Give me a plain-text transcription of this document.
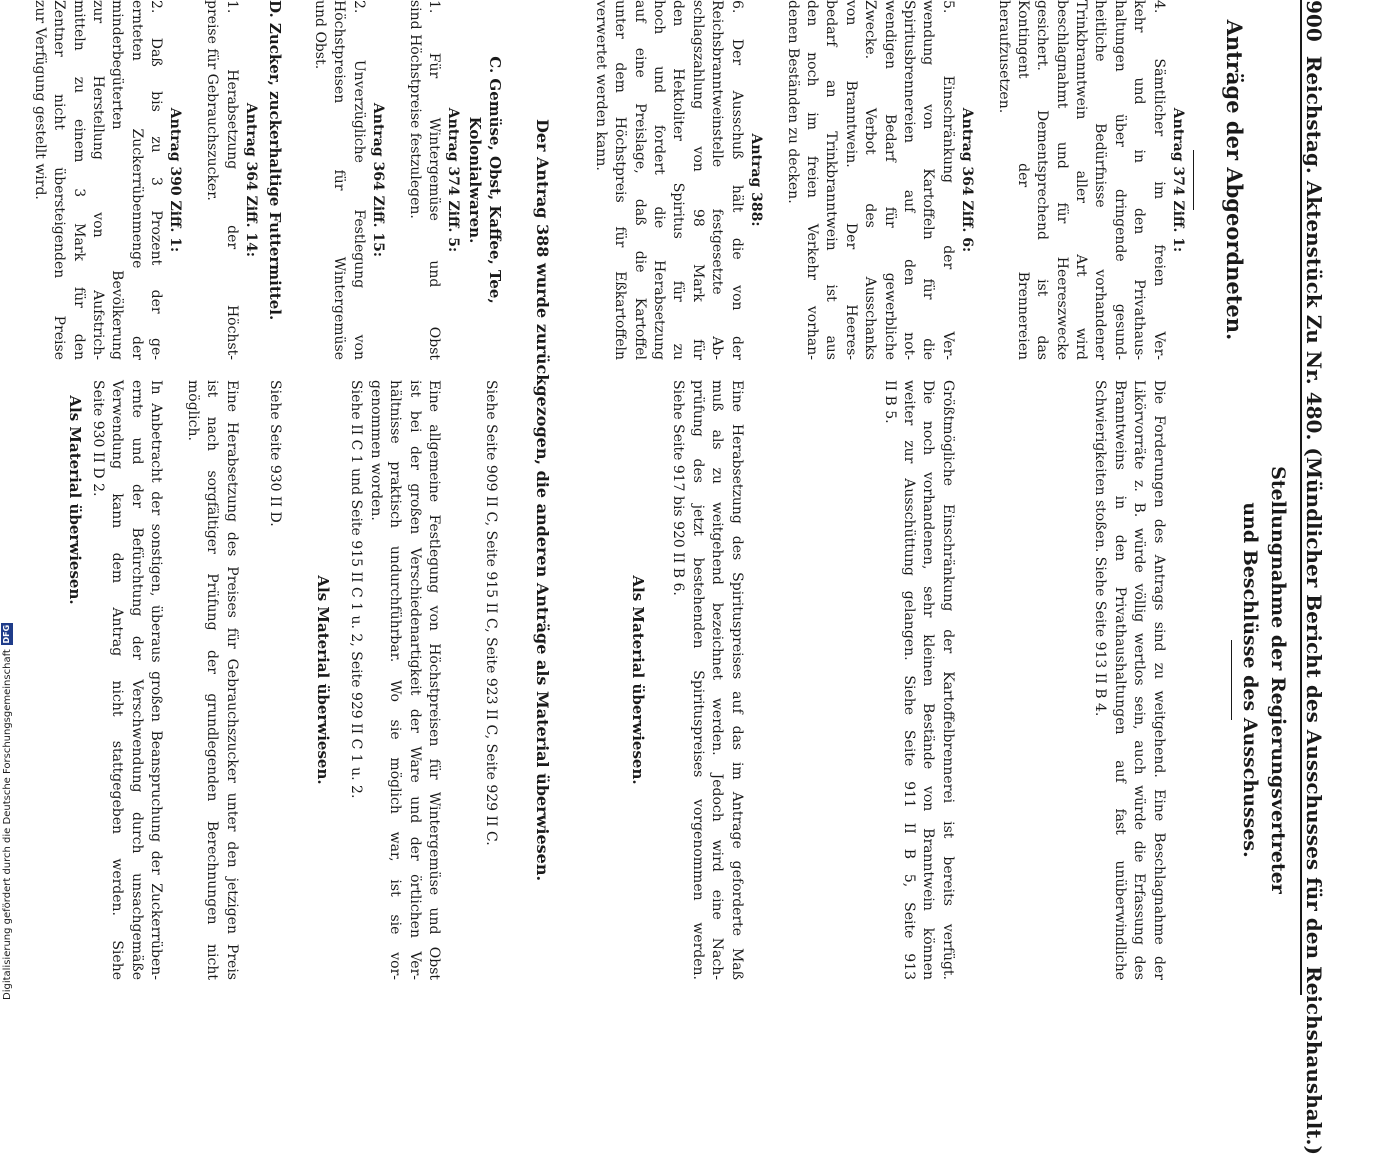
900
Reichstag. Aktenstück Zu Nr. 480. (Mündlicher Bericht des Ausschusses für den Reichshaushalt.)
Anträge der Abgeordneten.
Stellungnahme der Regierungsvertreter
und Beschlüsse des Ausschusses.
Antrag 374 Ziff. 1:
4. Sämtlicher im freien Ver-
kehr und in den Privathaus-
haltungen über dringende gesund-
heitliche Bedürfnisse vorhandener
Trinkbranntwein aller Art wird
beschlagnahmt und für Heereszwecke
gesichert. Dementsprechend ist das
Kontingent der Brennereien
heraufzusetzen.
Antrag 364 Ziff. 6:
5. Einschränkung der Ver-
wendung von Kartoffeln für die
Spiritusbrennereien auf den not-
wendigen Bedarf für gewerbliche
Zwecke. Verbot des Ausschanks
von Branntwein. Der Heeres-
bedarf an Trinkbranntwein ist aus
den noch im freien Verkehr vorhan-
denen Beständen zu decken.
Antrag 388:
6. Der Ausschuß hält die von der
Reichsbranntweinstelle festgesetzte Ab-
schlagszahlung von 98 Mark für
den Hektoliter Spiritus für zu
hoch und fordert die Herabsetzung
auf eine Preislage, daß die Kartoffel
unter dem Höchstpreis für Eßkartoffeln
verwertet werden kann.
Der Antrag 388 wurde zurückgezogen, die anderen Anträge als Material überwiesen.
C. Gemüse, Obst, Kaffee, Tee,
Kolonialwaren.
Antrag 374 Ziff. 5:
1. Für Wintergemüse und Obst
sind Höchstpreise festzulegen.
Antrag 364 Ziff. 15:
2. Unverzügliche Festlegung von
Höchstpreisen für Wintergemüse
und Obst.
D. Zucker, zuckerhaltige Futtermittel.
Antrag 364 Ziff. 14:
1. Herabsetzung der Höchst-
preise für Gebrauchszucker.
Antrag 390 Ziff. 1:
2. Daß bis zu 3 Prozent der ge-
ernteten Zuckerrübenmenge der
minderbegüterten Bevölkerung
zur Herstellung von Aufstrich-
mitteln zu einem 3 Mark für den
Zentner nicht übersteigenden Preise
zur Verfügung gestellt wird.
Die Forderungen des Antrags sind zu weitgehend. Eine Beschlagnahme der
Likörvorräte z. B. würde völlig wertlos sein, auch würde die Erfassung des
Branntweins in den Privathaushaltungen auf fast unüberwindliche
Schwierigkeiten stoßen. Siehe Seite 913 II B 4.
Größtmögliche Einschränkung der Kartoffelbrennerei ist bereits verfügt.
Die noch vorhandenen, sehr kleinen Bestände von Branntwein können
weiter zur Ausschüttung gelangen. Siehe Seite 911 II B 5, Seite 913
II B 5.
Eine Herabsetzung des Spirituspreises auf das im Antrage geforderte Maß
muß als zu weitgehend bezeichnet werden. Jedoch wird eine Nach-
prüfung des jetzt bestehenden Spirituspreises vorgenommen werden.
Siehe Seite 917 bis 920 II B 6.
Als Material überwiesen.
Siehe Seite 909 II C, Seite 915 II C, Seite 923 II C, Seite 929 II C.
Eine allgemeine Festlegung von Höchstpreisen für Wintergemüse und Obst
ist bei der großen Verschiedenartigkeit der Ware und der örtlichen Ver-
hältnisse praktisch undurchführbar. Wo sie möglich war, ist sie vor-
genommen worden.
Siehe II C 1 und Seite 915 II C 1 u. 2, Seite 929 II C 1 u. 2.
Als Material überwiesen.
Siehe Seite 930 II D.
Eine Herabsetzung des Preises für Gebrauchszucker unter den jetzigen Preis
ist nach sorgfältiger Prüfung der grundlegenden Berechnungen nicht
möglich.
In Anbetracht der sonstigen, überaus großen Beanspruchung der Zuckerrüben-
ernte und der Befürchtung der Verschwendung durch unsachgemäße
Verwendung kann dem Antrag nicht stattgegeben werden. Siehe
Seite 930 II D 2.
Als Material überwiesen.
Digitalisierung gefördert durch die Deutsche Forschungsgemeinschaft
DFG
